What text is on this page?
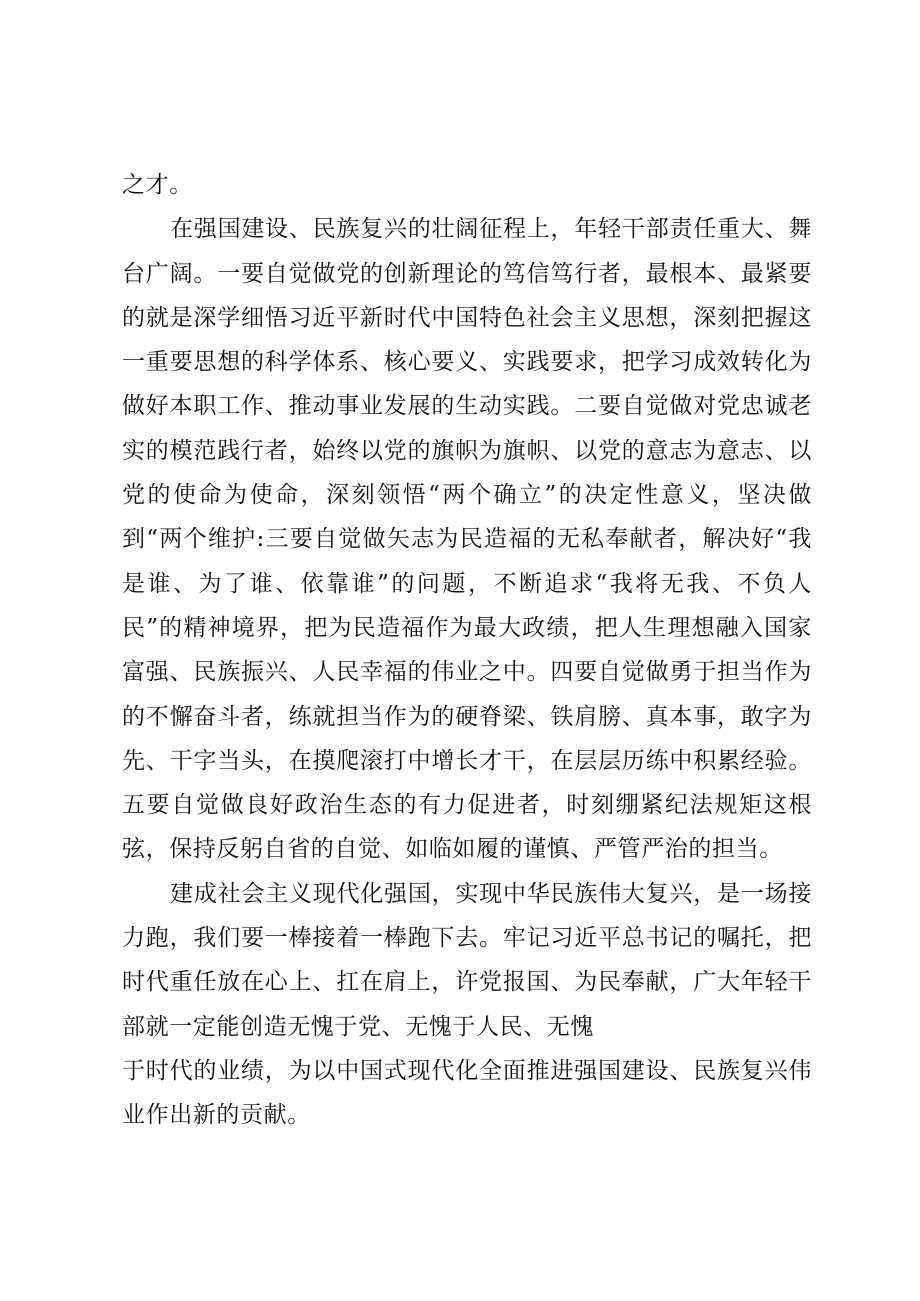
之才。

在强国建设、民族复兴的壮阔征程上，年轻干部责任重大、舞台广阔。一要自觉做党的创新理论的笃信笃行者，最根本、最紧要的就是深学细悟习近平新时代中国特色社会主义思想，深刻把握这一重要思想的科学体系、核心要义、实践要求，把学习成效转化为做好本职工作、推动事业发展的生动实践。二要自觉做对党忠诚老实的模范践行者，始终以党的旗帜为旗帜、以党的意志为意志、以党的使命为使命，深刻领悟“两个确立”的决定性意义，坚决做到“两个维护:三要自觉做矢志为民造福的无私奉献者，解决好“我是谁、为了谁、依靠谁”的问题，不断追求“我将无我、不负人民”的精神境界，把为民造福作为最大政绩，把人生理想融入国家富强、民族振兴、人民幸福的伟业之中。四要自觉做勇于担当作为的不懈奋斗者，练就担当作为的硬脊梁、铁肩膀、真本事，敢字为先、干字当头，在摸爬滚打中增长才干，在层层历练中积累经验。五要自觉做良好政治生态的有力促进者，时刻绷紧纪法规矩这根弦，保持反躬自省的自觉、如临如履的谨慎、严管严治的担当。

建成社会主义现代化强国，实现中华民族伟大复兴，是一场接力跑，我们要一棒接着一棒跑下去。牢记习近平总书记的嘱托，把时代重任放在心上、扛在肩上，许党报国、为民奉献，广大年轻干部就一定能创造无愧于党、无愧于人民、无愧

于时代的业绩，为以中国式现代化全面推进强国建设、民族复兴伟业作出新的贡献。
